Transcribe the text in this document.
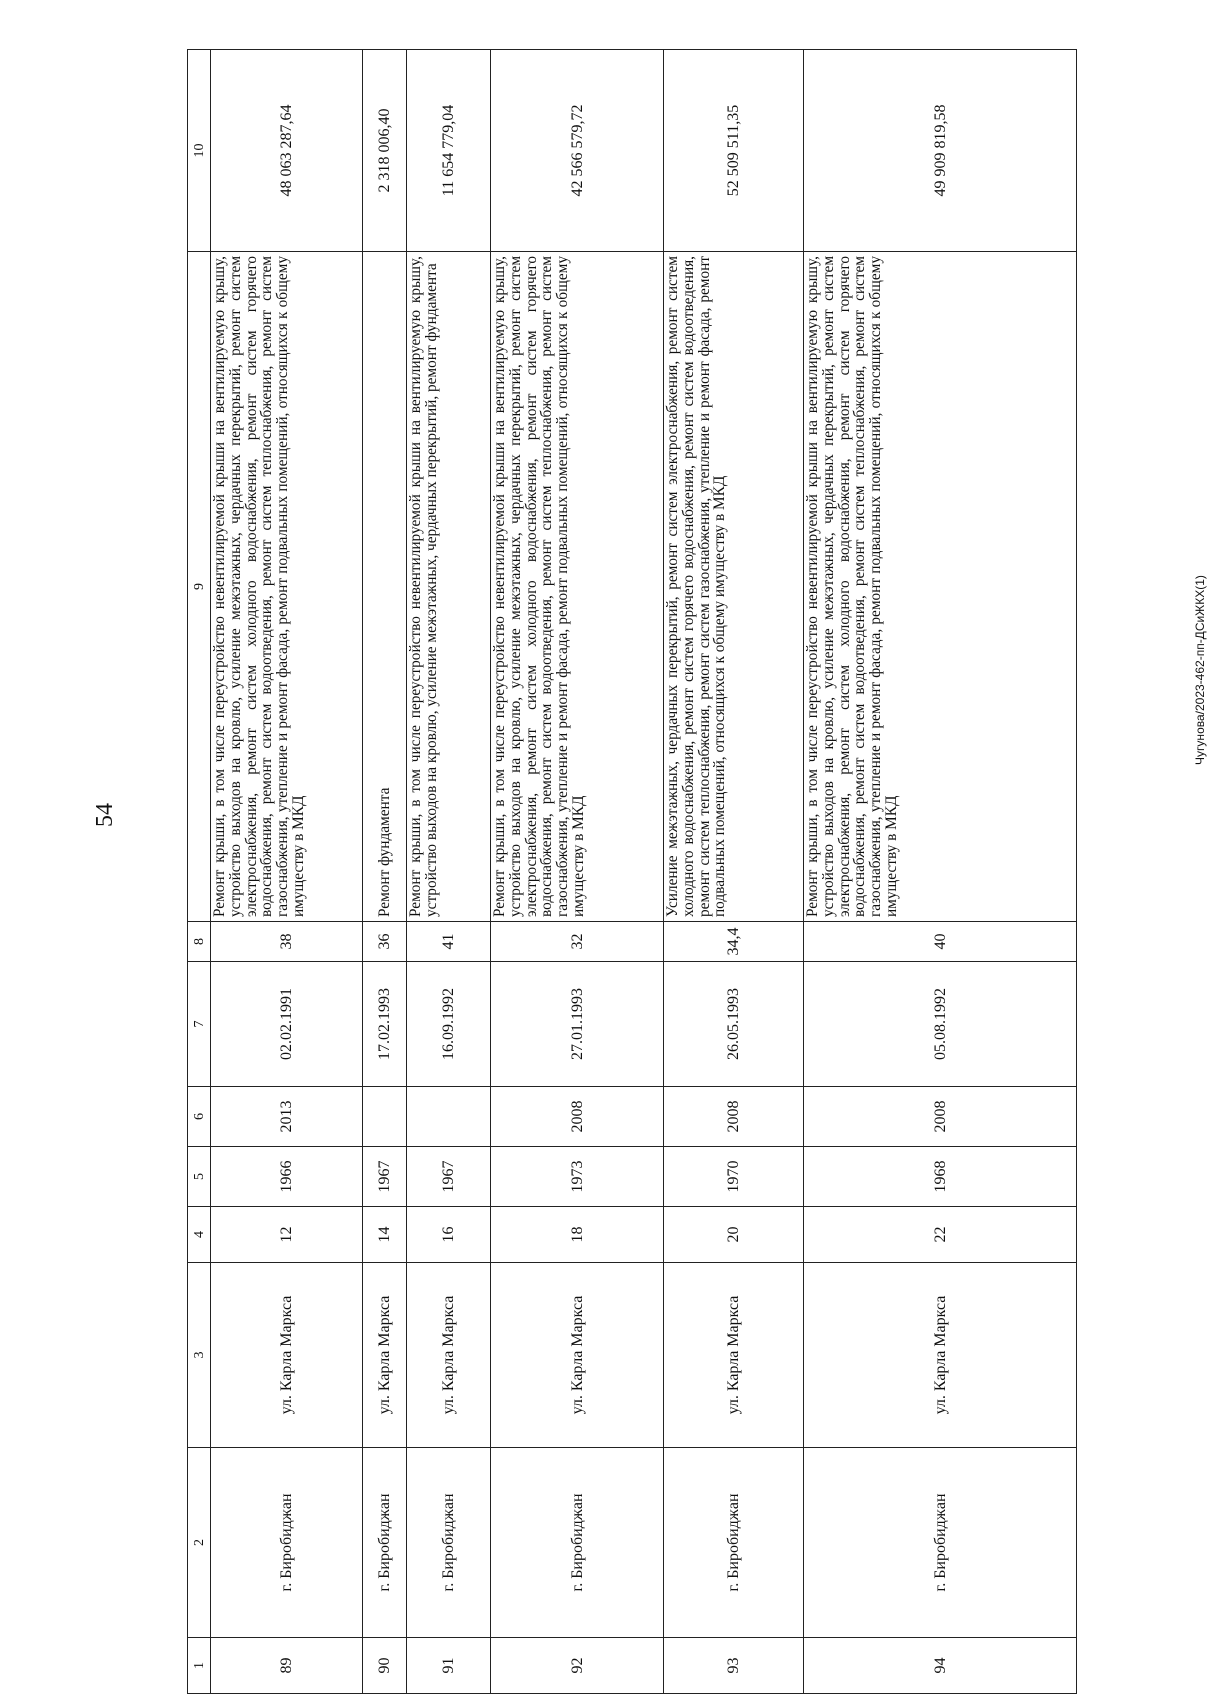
54
1	2	3	4	5	6	7	8	9	10
89	г. Биробиджан	ул. Карла Маркса	12	1966	2013	02.02.1991	38	Ремонт крыши, в том числе переустройство невентилируемой крыши на вентилируемую крышу, устройство выходов на кровлю, усиление межэтажных, чердачных перекрытий, ремонт систем электроснабжения, ремонт систем холодного водоснабжения, ремонт систем горячего водоснабжения, ремонт систем водоотведения, ремонт систем теплоснабжения, ремонт систем газоснабжения, утепление и ремонт фасада, ремонт подвальных помещений, относящихся к общему имуществу в МКД	48 063 287,64
90	г. Биробиджан	ул. Карла Маркса	14	1967		17.02.1993	36	Ремонт фундамента	2 318 006,40
91	г. Биробиджан	ул. Карла Маркса	16	1967		16.09.1992	41	Ремонт крыши, в том числе переустройство невентилируемой крыши на вентилируемую крышу, устройство выходов на кровлю, усиление межэтажных, чердачных перекрытий, ремонт фундамента	11 654 779,04
92	г. Биробиджан	ул. Карла Маркса	18	1973	2008	27.01.1993	32	Ремонт крыши, в том числе переустройство невентилируемой крыши на вентилируемую крышу, устройство выходов на кровлю, усиление межэтажных, чердачных перекрытий, ремонт систем электроснабжения, ремонт систем холодного водоснабжения, ремонт систем горячего водоснабжения, ремонт систем водоотведения, ремонт систем теплоснабжения, ремонт систем газоснабжения, утепление и ремонт фасада, ремонт подвальных помещений, относящихся к общему имуществу в МКД	42 566 579,72
93	г. Биробиджан	ул. Карла Маркса	20	1970	2008	26.05.1993	34,4	Усиление межэтажных, чердачных перекрытий, ремонт систем электроснабжения, ремонт систем холодного водоснабжения, ремонт систем горячего водоснабжения, ремонт систем водоотведения, ремонт систем теплоснабжения, ремонт систем газоснабжения, утепление и ремонт фасада, ремонт подвальных помещений, относящихся к общему имуществу в МКД	52 509 511,35
94	г. Биробиджан	ул. Карла Маркса	22	1968	2008	05.08.1992	40	Ремонт крыши, в том числе переустройство невентилируемой крыши на вентилируемую крышу, устройство выходов на кровлю, усиление межэтажных, чердачных перекрытий, ремонт систем электроснабжения, ремонт систем холодного водоснабжения, ремонт систем горячего водоснабжения, ремонт систем водоотведения, ремонт систем теплоснабжения, ремонт систем газоснабжения, утепление и ремонт фасада, ремонт подвальных помещений, относящихся к общему имуществу в МКД	49 909 819,58
Чугунова/2023-462-пп-ДСиЖКХ(1)
